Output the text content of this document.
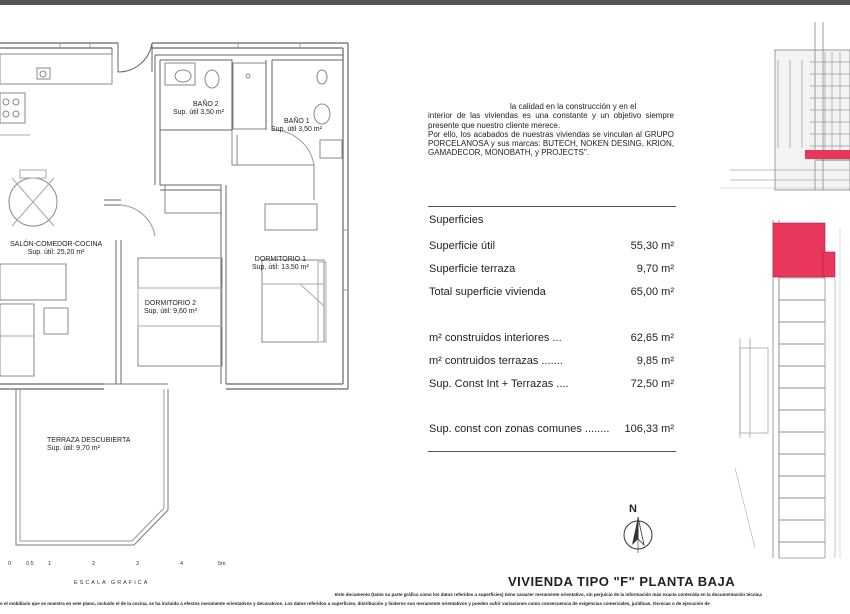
BAÑO 2
Sup. útil 3,50 m²
BAÑO 1
Sup. útil 3,50 m²
SALÓN-COMEDOR-COCINA
Sup. útil: 25,20 m²
DORMITORIO 1
Sup. útil: 13,50 m²
DORMITORIO 2
Sup. útil: 9,60 m²
TERRAZA DESCUBIERTA
Sup. útil: 9,70 m²
0	0.5	1	2	3	4	5m
ESCALA GRAFICA

la calidad en la construcción y en el

interior de las viviendas es una constante y un objetivo siempre presente que nuestro cliente merece.

Por ello, los acabados de nuestras viviendas se vinculan al GRUPO PORCELANOSA y sus marcas: BUTECH, NOKEN DESING, KRION, GAMADECOR, MONOBATH, y PROJECTS".

Superficies
Superficie útil	55,30 m²
Superficie terraza	9,70 m²
Total superficie vivienda	65,00 m²
m² construidos interiores ...	62,65 m²
m² contruidos terrazas .......	9,85 m²
Sup. Const Int + Terrazas ....	72,50 m²
Sup. const con zonas comunes ........ 106,33 m²
N
VIVIENDA TIPO "F" PLANTA BAJA
Este documento (tanto su parte gráfica como los datos referidos a superficies) tiene caracter meramente orientativo, sin perjuicio de la información más exacta contenida en la documentación técnica
o el mobiliario que se muestra en este plano, incluido el de la cocina, se ha incluido a efectos meramente orientativos y decorativos. Los datos referidos a superficies, distribución y linderos son meramente orientativos y pueden sufrir variaciones como consecuencia de exigencias comerciales, jurídicas, técnicas o de ejecución de
